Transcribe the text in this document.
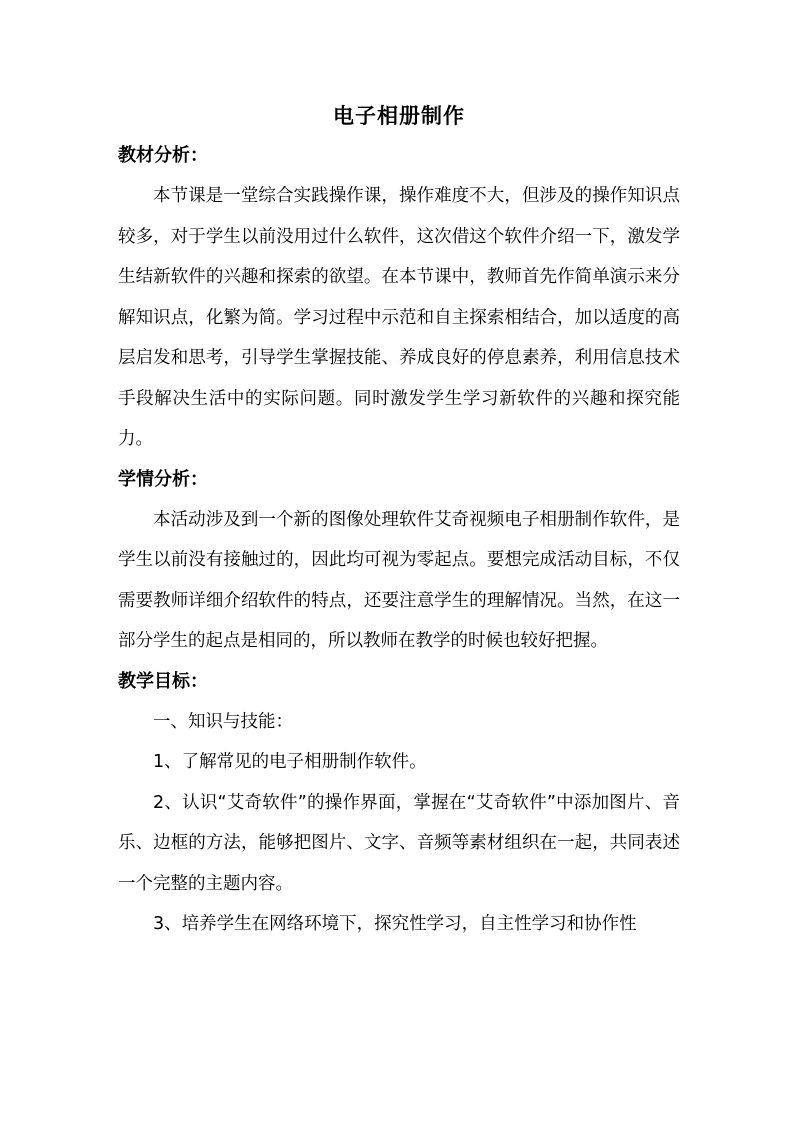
电子相册制作
教材分析：

本节课是一堂综合实践操作课，操作难度不大，但涉及的操作知识点较多，对于学生以前没用过什么软件，这次借这个软件介绍一下，激发学生结新软件的兴趣和探索的欲望。在本节课中，教师首先作简单演示来分解知识点，化繁为简。学习过程中示范和自主探索相结合，加以适度的高层启发和思考，引导学生掌握技能、养成良好的停息素养，利用信息技术手段解决生活中的实际问题。同时激发学生学习新软件的兴趣和探究能力。

学情分析：

本活动涉及到一个新的图像处理软件艾奇视频电子相册制作软件，是学生以前没有接触过的，因此均可视为零起点。要想完成活动目标，不仅需要教师详细介绍软件的特点，还要注意学生的理解情况。当然，在这一部分学生的起点是相同的，所以教师在教学的时候也较好把握。

教学目标：

一、知识与技能：

1、了解常见的电子相册制作软件。

2、认识“艾奇软件”的操作界面，掌握在“艾奇软件”中添加图片、音乐、边框的方法，能够把图片、文字、音频等素材组织在一起，共同表述一个完整的主题内容。

3、培养学生在网络环境下，探究性学习，自主性学习和协作性
